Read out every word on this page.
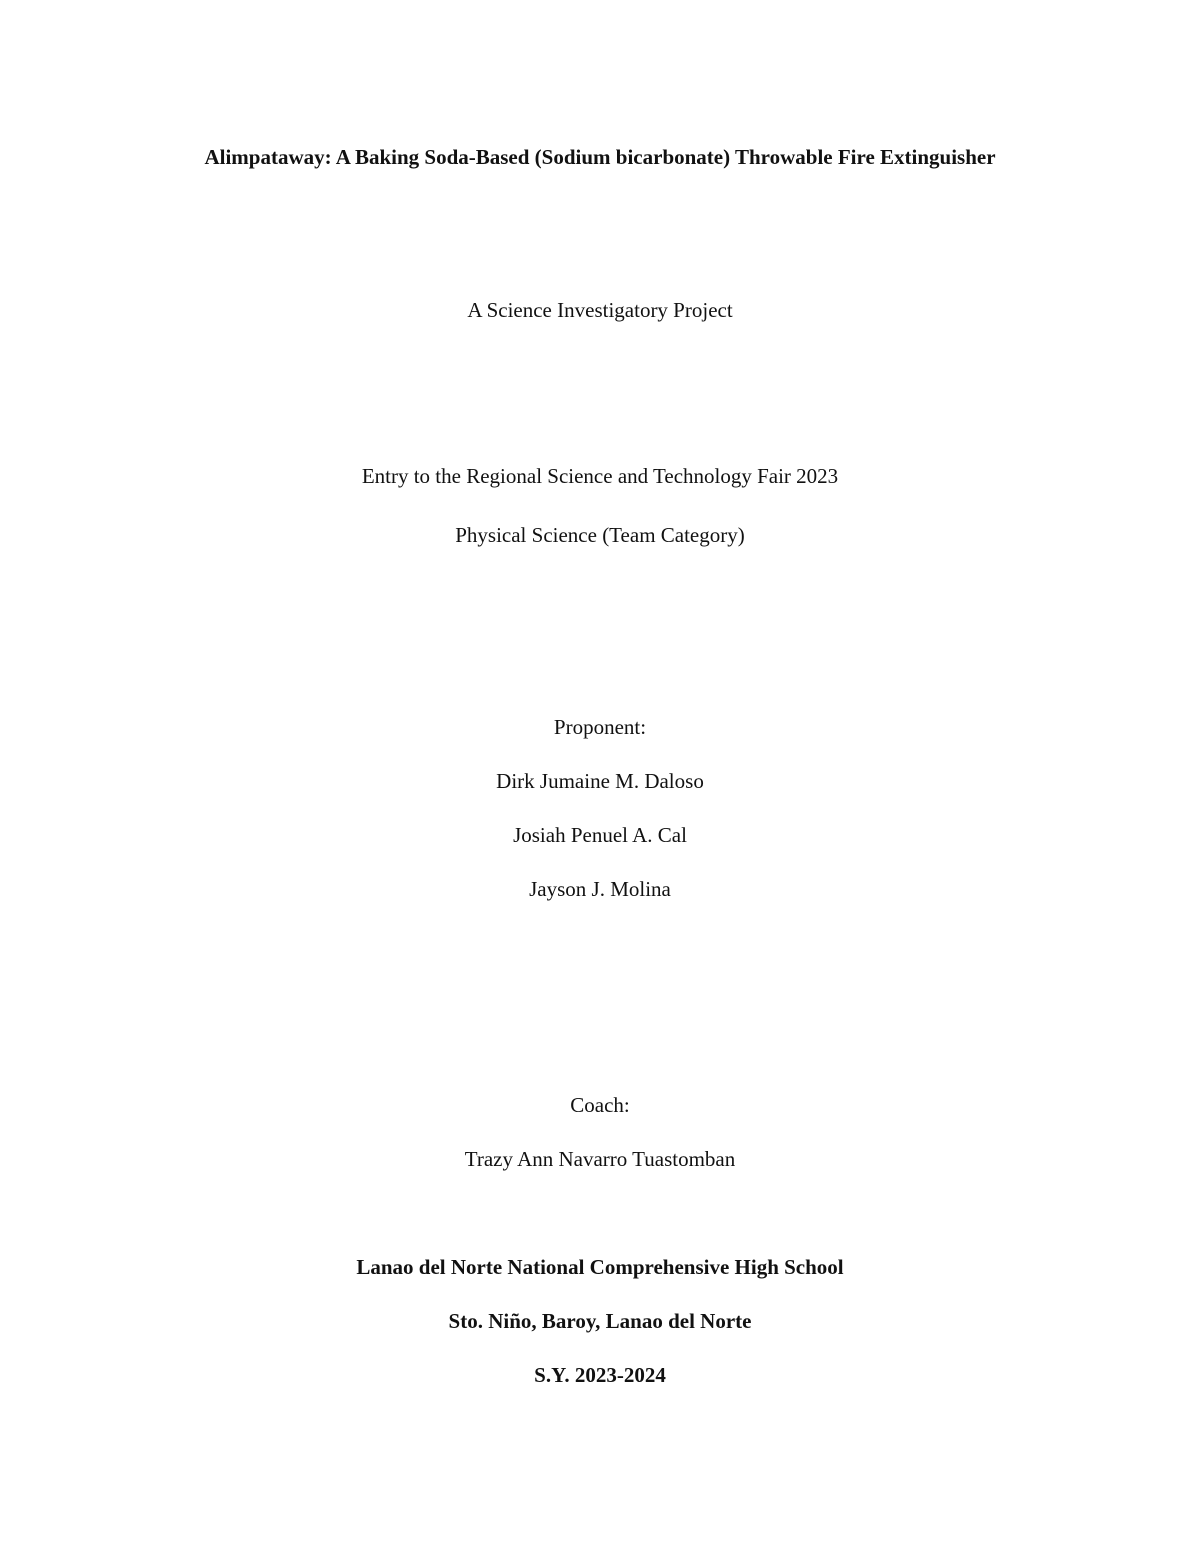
Alimpataway: A Baking Soda-Based (Sodium bicarbonate) Throwable Fire Extinguisher
A Science Investigatory Project
Entry to the Regional Science and Technology Fair 2023
Physical Science (Team Category)
Proponent:
Dirk Jumaine M. Daloso
Josiah Penuel A. Cal
Jayson J. Molina
Coach:
Trazy Ann Navarro Tuastomban
Lanao del Norte National Comprehensive High School
Sto. Niño, Baroy, Lanao del Norte
S.Y. 2023-2024
